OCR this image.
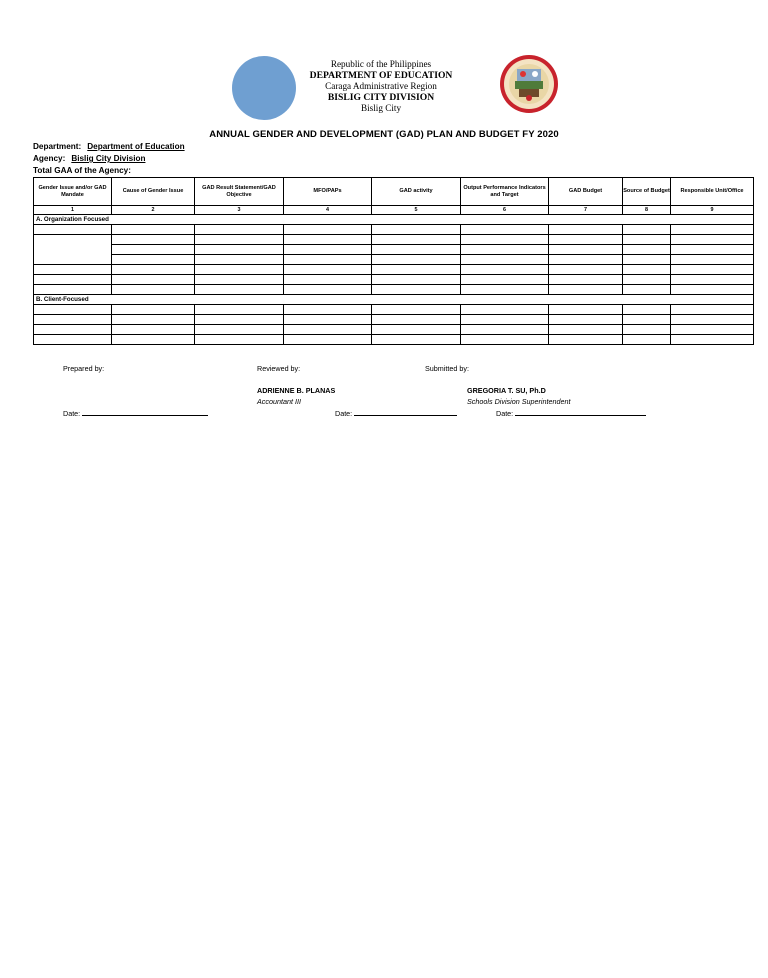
Republic of the Philippines
DEPARTMENT OF EDUCATION
Caraga Administrative Region
BISLIG CITY DIVISION
Bislig City
ANNUAL GENDER AND DEVELOPMENT (GAD) PLAN AND BUDGET FY 2020
Department: Department of Education
Agency: Bislig City Division
Total GAA of the Agency:
Gender Issue and/or GAD Mandate	Cause of Gender Issue	GAD Result Statement/GAD Objective	MFO/PAPs	GAD activity	Output Performance Indicators and Target	GAD Budget	Source of Budget	Responsible Unit/Office
1	2	3	4	5	6	7	8	9
A. Organization Focused								

B. Client-Focused								

Prepared by:	Reviewed by:	Submitted by:
ADRIENNE B. PLANAS
Accountant III
GREGORIA T. SU, Ph.D
Schools Division Superintendent
Date:	Date:	Date:
